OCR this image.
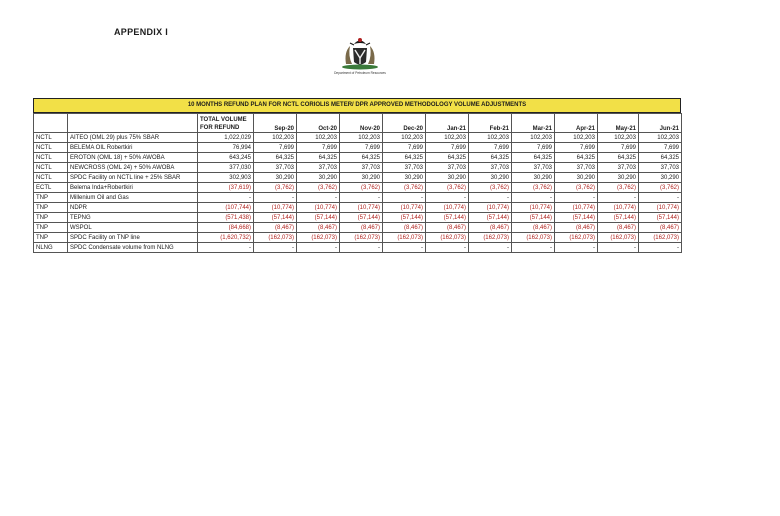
APPENDIX I
Department of Petroleum Resources
10 MONTHS REFUND PLAN FOR NCTL CORIOLIS METER/ DPR APPROVED METHODOLOGY VOLUME ADJUSTMENTS

		TOTAL VOLUME
FOR REFUND	Sep-20	Oct-20	Nov-20	Dec-20	Jan-21	Feb-21	Mar-21	Apr-21	May-21	Jun-21
NCTL	AITEO (OML 29) plus 75% SBAR	1,022,029	102,203	102,203	102,203	102,203	102,203	102,203	102,203	102,203	102,203	102,203
NCTL	BELEMA OIL Robertkiri	76,994	7,699	7,699	7,699	7,699	7,699	7,699	7,699	7,699	7,699	7,699
NCTL	EROTON (OML 18) + 50% AWOBA	643,245	64,325	64,325	64,325	64,325	64,325	64,325	64,325	64,325	64,325	64,325
NCTL	NEWCROSS (OML 24) + 50% AWOBA	377,030	37,703	37,703	37,703	37,703	37,703	37,703	37,703	37,703	37,703	37,703
NCTL	SPDC Facility on NCTL line + 25% SBAR	302,903	30,290	30,290	30,290	30,290	30,290	30,290	30,290	30,290	30,290	30,290
ECTL	Belema Inda+Robertkiri	(37,619)	(3,762)	(3,762)	(3,762)	(3,762)	(3,762)	(3,762)	(3,762)	(3,762)	(3,762)	(3,762)
TNP	Millenium Oil and Gas	-	-	-	-	-	-	-	-	-	-	-
TNP	NDPR	(107,744)	(10,774)	(10,774)	(10,774)	(10,774)	(10,774)	(10,774)	(10,774)	(10,774)	(10,774)	(10,774)
TNP	TEPNG	(571,438)	(57,144)	(57,144)	(57,144)	(57,144)	(57,144)	(57,144)	(57,144)	(57,144)	(57,144)	(57,144)
TNP	WSPOL	(84,668)	(8,467)	(8,467)	(8,467)	(8,467)	(8,467)	(8,467)	(8,467)	(8,467)	(8,467)	(8,467)
TNP	SPDC Facility on TNP line	(1,620,732)	(162,073)	(162,073)	(162,073)	(162,073)	(162,073)	(162,073)	(162,073)	(162,073)	(162,073)	(162,073)
NLNG	SPDC Condensate volume from NLNG	-	-	-	-	-	-	-	-	-	-	-
